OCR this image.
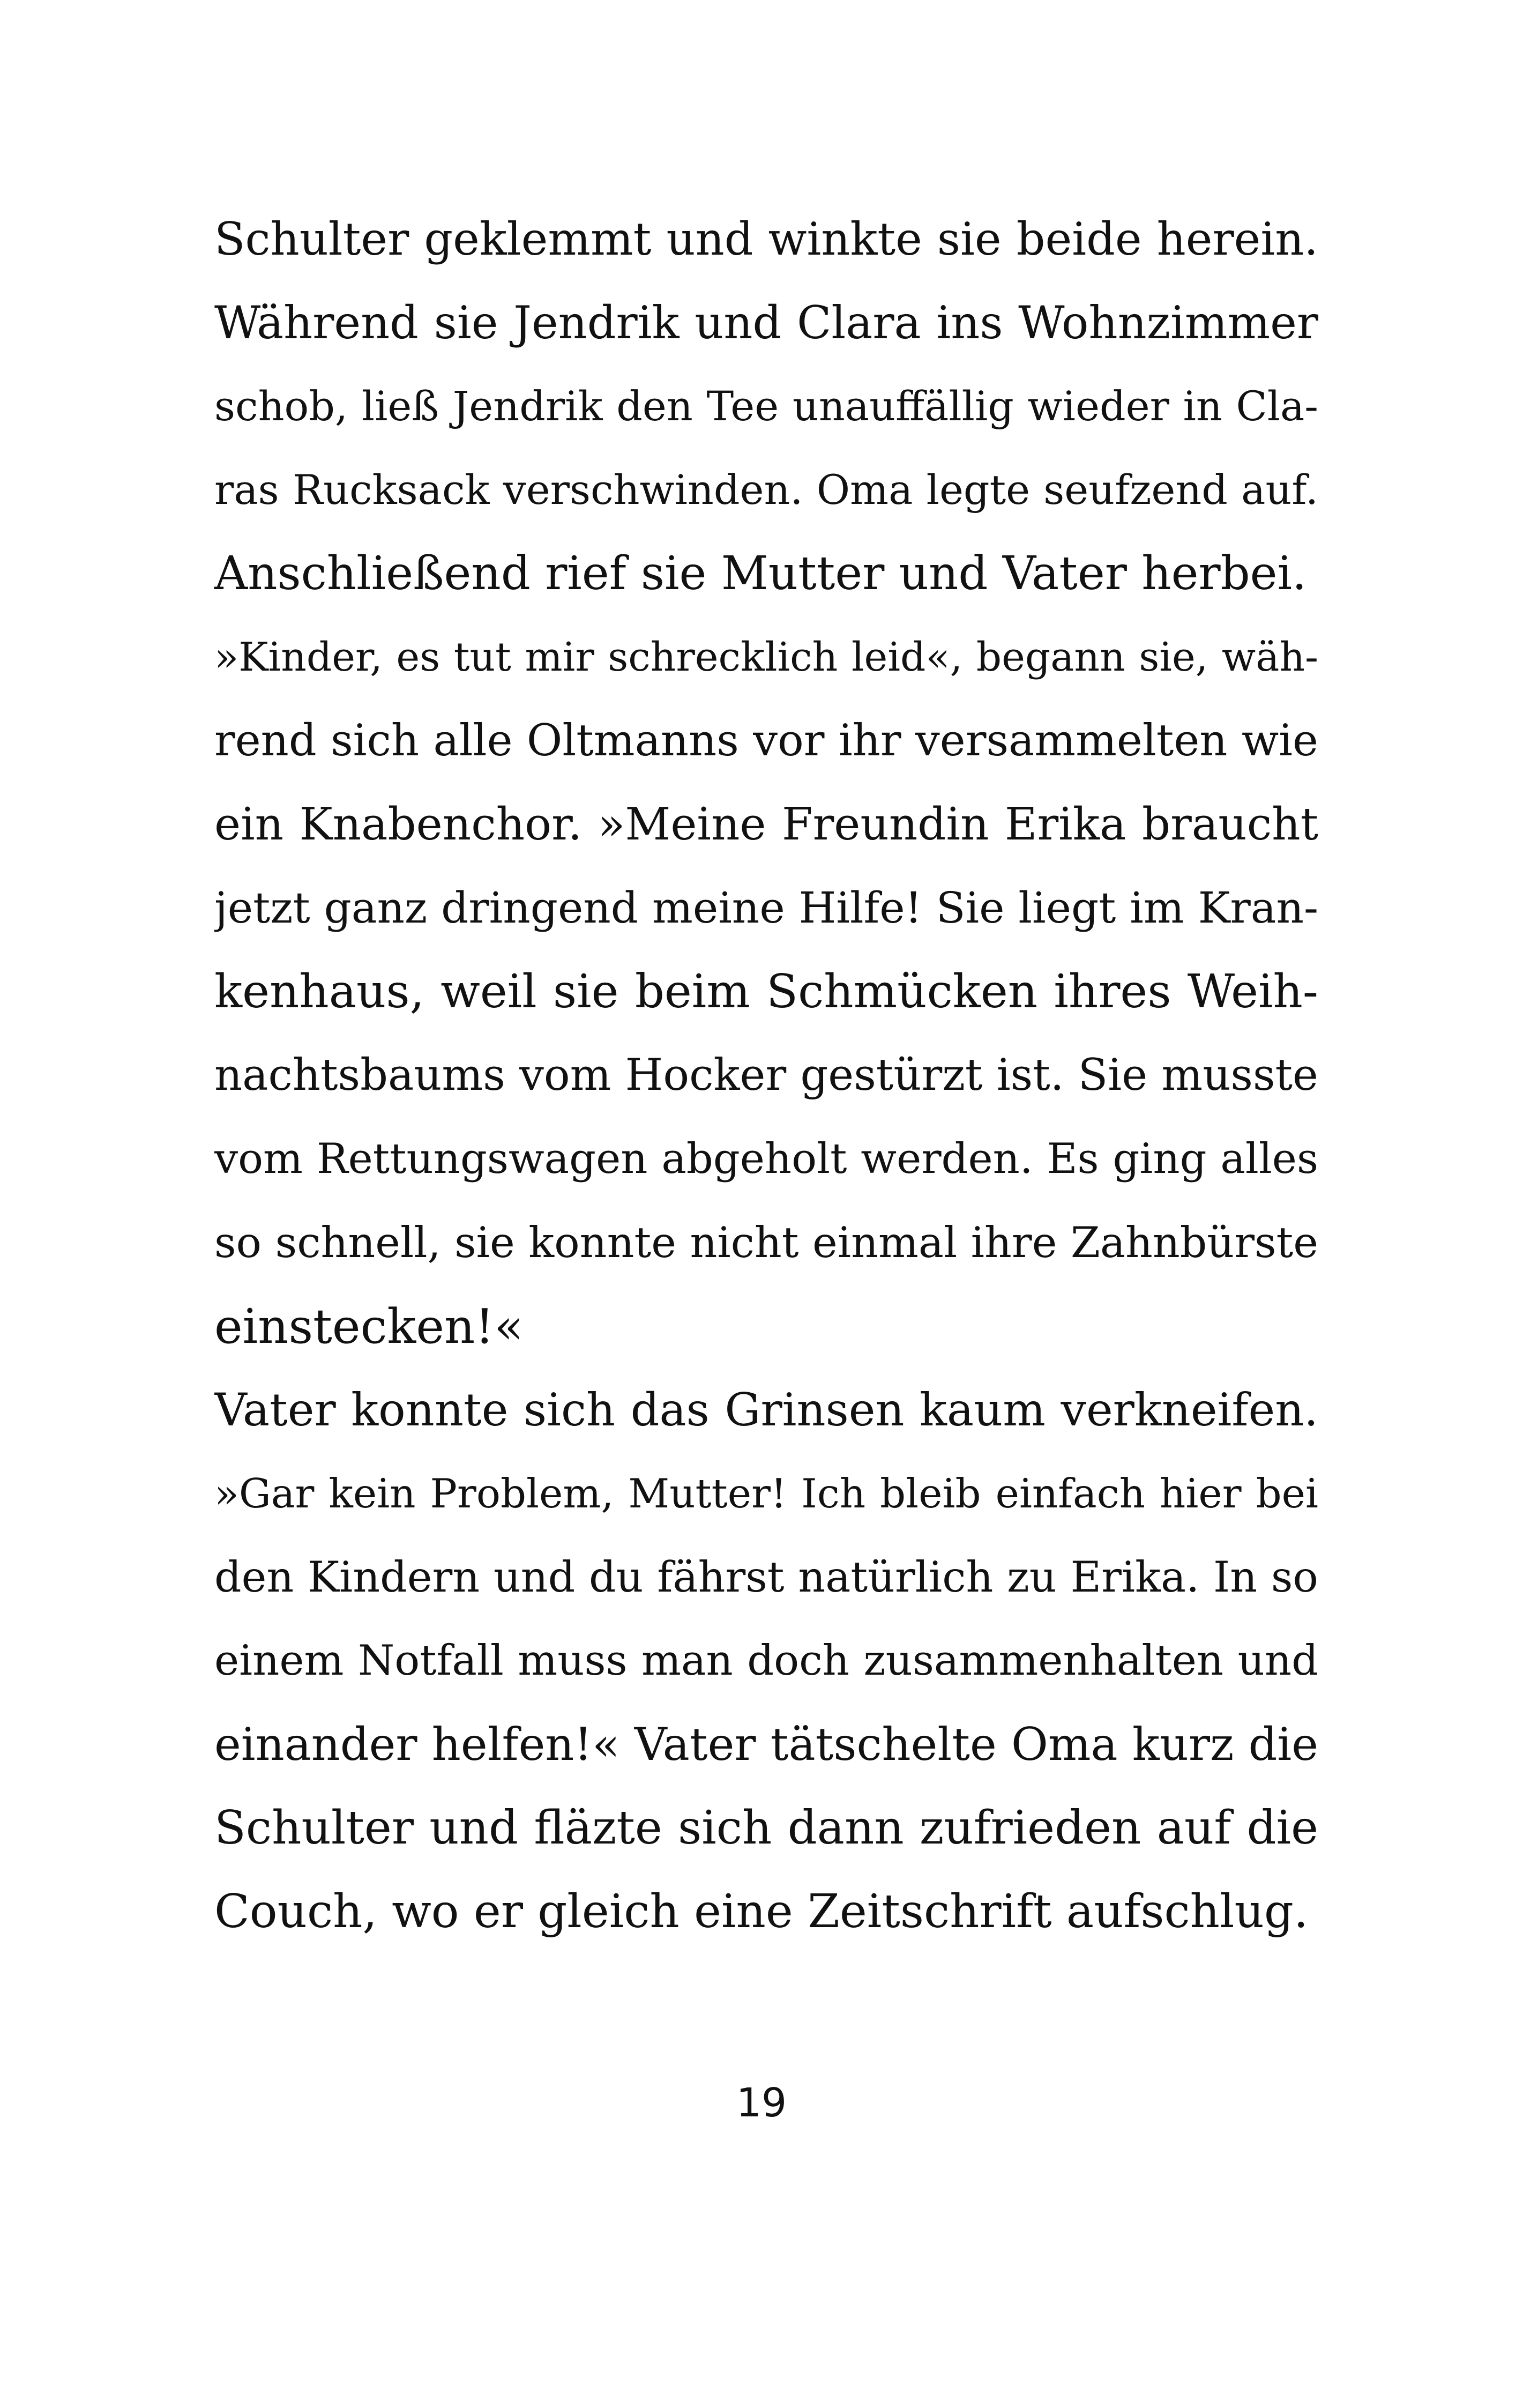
Schulter geklemmt und winkte sie beide herein.
Während sie Jendrik und Clara ins Wohnzimmer
schob, ließ Jendrik den Tee unauffällig wieder in Cla-
ras Rucksack verschwinden. Oma legte seufzend auf.
Anschließend rief sie Mutter und Vater herbei.
»Kinder, es tut mir schrecklich leid«, begann sie, wäh-
rend sich alle Oltmanns vor ihr versammelten wie
ein Knabenchor. »Meine Freundin Erika braucht
jetzt ganz dringend meine Hilfe! Sie liegt im Kran-
kenhaus, weil sie beim Schmücken ihres Weih-
nachtsbaums vom Hocker gestürzt ist. Sie musste
vom Rettungswagen abgeholt werden. Es ging alles
so schnell, sie konnte nicht einmal ihre Zahnbürste
einstecken!«
Vater konnte sich das Grinsen kaum verkneifen.
»Gar kein Problem, Mutter! Ich bleib einfach hier bei
den Kindern und du fährst natürlich zu Erika. In so
einem Notfall muss man doch zusammenhalten und
einander helfen!« Vater tätschelte Oma kurz die
Schulter und fläzte sich dann zufrieden auf die
Couch, wo er gleich eine Zeitschrift aufschlug.
19
